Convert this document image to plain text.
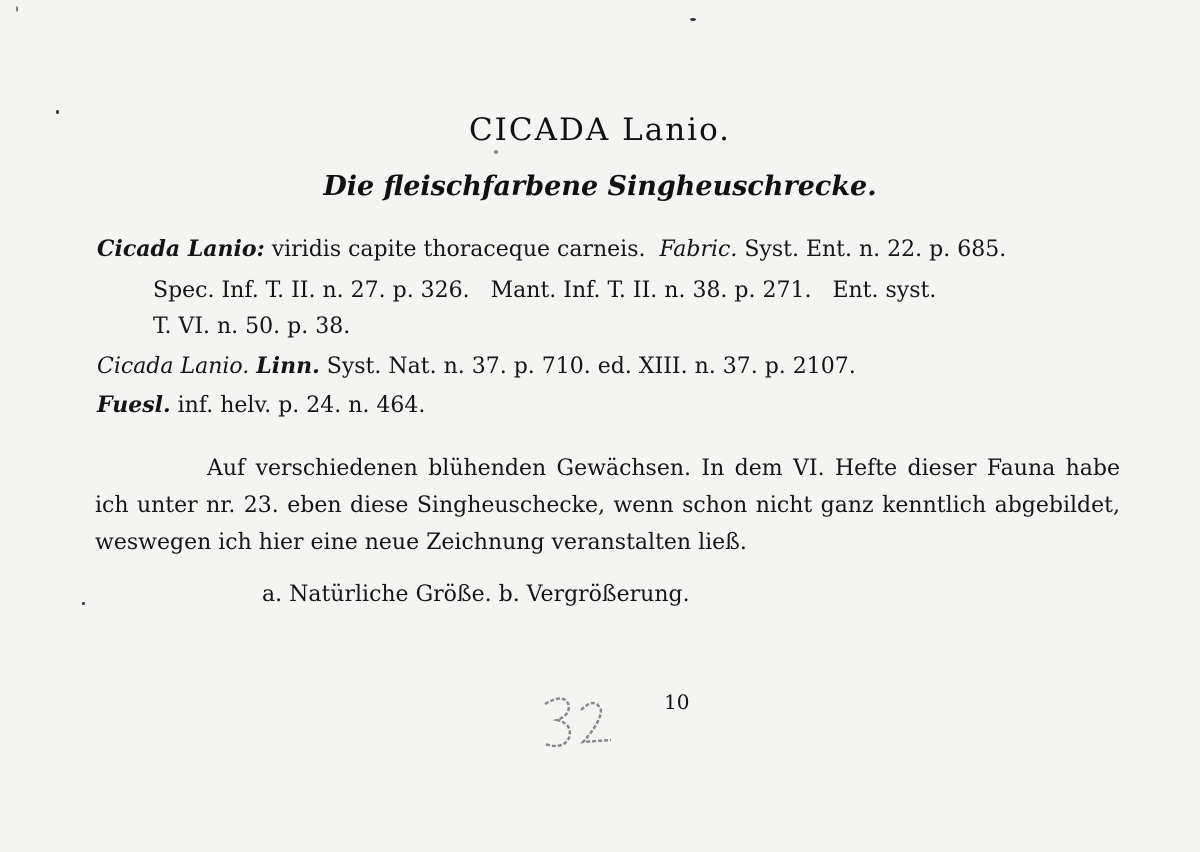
CICADA Lanio.
Die fleischfarbene Singheuschrecke.
Cicada Lanio: viridis capite thoraceque carneis. Fabric. Syst. Ent. n. 22. p. 685.
Spec. Inf. T. II. n. 27. p. 326.   Mant. Inf. T. II. n. 38. p. 271.   Ent. syst.
T. VI. n. 50. p. 38.
Cicada Lanio. Linn. Syst. Nat. n. 37. p. 710. ed. XIII. n. 37. p. 2107.
Fuesl. inf. helv. p. 24. n. 464.
Auf verschiedenen blühenden Gewächsen. In dem VI. Hefte dieser Fauna habe ich unter nr. 23. eben diese Singheuschecke, wenn schon nicht ganz kenntlich abgebildet, weswegen ich hier eine neue Zeichnung veranstalten ließ.
a. Natürliche Größe. b. Vergrößerung.
10
